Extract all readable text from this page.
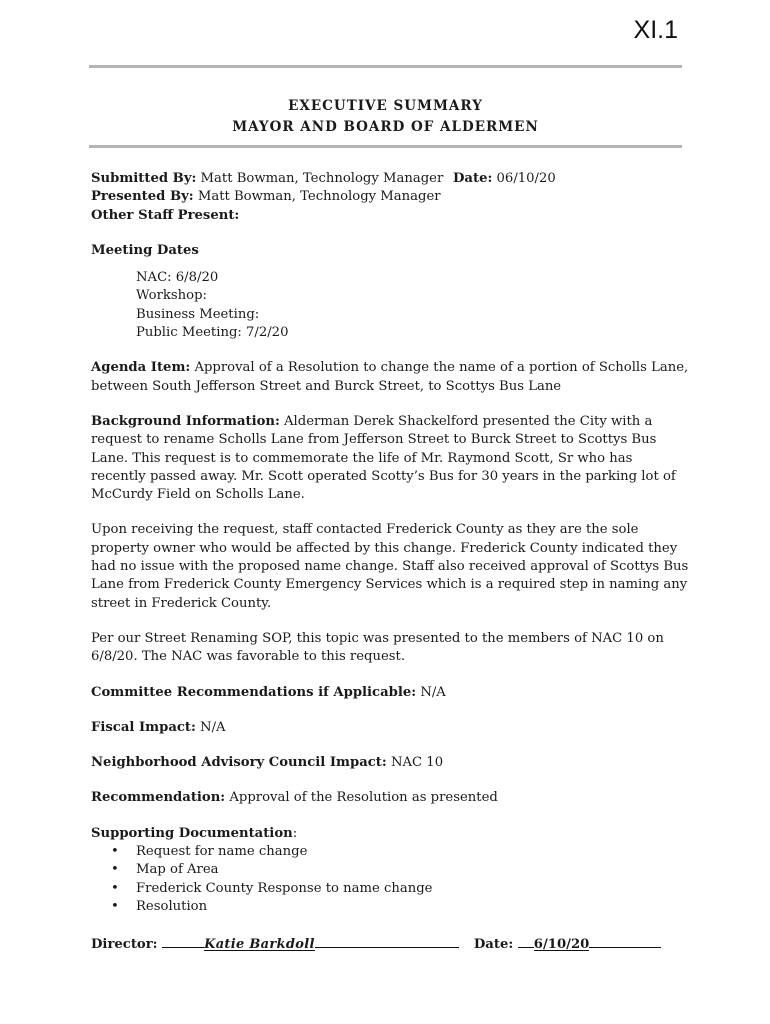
XI.1
EXECUTIVE SUMMARY
MAYOR AND BOARD OF ALDERMEN
Submitted By: Matt Bowman, Technology Manager Date: 06/10/20
Presented By: Matt Bowman, Technology Manager
Other Staff Present:
Meeting Dates
NAC: 6/8/20
Workshop:
Business Meeting:
Public Meeting: 7/2/20

Agenda Item: Approval of a Resolution to change the name of a portion of Scholls Lane, between South Jefferson Street and Burck Street, to Scottys Bus Lane

Background Information: Alderman Derek Shackelford presented the City with a request to rename Scholls Lane from Jefferson Street to Burck Street to Scottys Bus Lane. This request is to commemorate the life of Mr. Raymond Scott, Sr who has recently passed away. Mr. Scott operated Scotty’s Bus for 30 years in the parking lot of McCurdy Field on Scholls Lane.

Upon receiving the request, staff contacted Frederick County as they are the sole property owner who would be affected by this change. Frederick County indicated they had no issue with the proposed name change. Staff also received approval of Scottys Bus Lane from Frederick County Emergency Services which is a required step in naming any street in Frederick County.

Per our Street Renaming SOP, this topic was presented to the members of NAC 10 on 6/8/20. The NAC was favorable to this request.

Committee Recommendations if Applicable: N/A

Fiscal Impact: N/A

Neighborhood Advisory Council Impact: NAC 10

Recommendation: Approval of the Resolution as presented

Supporting Documentation:

• Request for name change
• Map of Area
• Frederick County Response to name change
• Resolution
Director:	Katie Barkdoll	Date: 6/10/20
